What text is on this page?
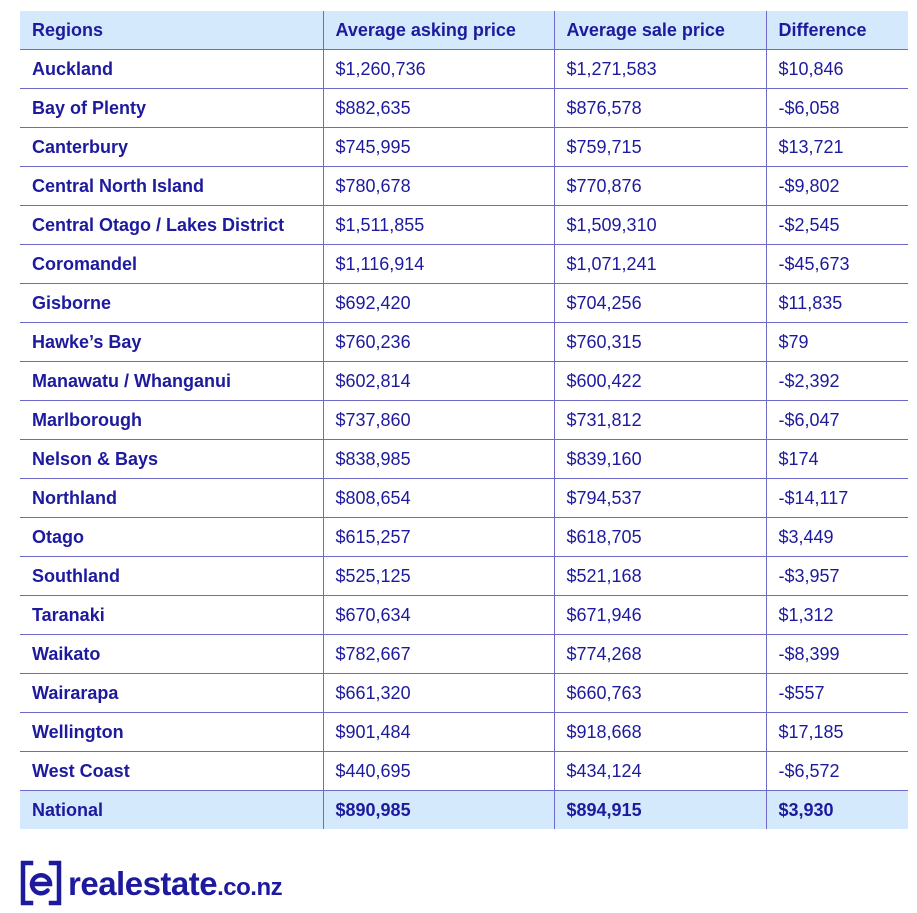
Regions	Average asking price	Average sale price	Difference
Auckland	$1,260,736	$1,271,583	$10,846
Bay of Plenty	$882,635	$876,578	-$6,058
Canterbury	$745,995	$759,715	$13,721
Central North Island	$780,678	$770,876	-$9,802
Central Otago / Lakes District	$1,511,855	$1,509,310	-$2,545
Coromandel	$1,116,914	$1,071,241	-$45,673
Gisborne	$692,420	$704,256	$11,835
Hawke’s Bay	$760,236	$760,315	$79
Manawatu / Whanganui	$602,814	$600,422	-$2,392
Marlborough	$737,860	$731,812	-$6,047
Nelson & Bays	$838,985	$839,160	$174
Northland	$808,654	$794,537	-$14,117
Otago	$615,257	$618,705	$3,449
Southland	$525,125	$521,168	-$3,957
Taranaki	$670,634	$671,946	$1,312
Waikato	$782,667	$774,268	-$8,399
Wairarapa	$661,320	$660,763	-$557
Wellington	$901,484	$918,668	$17,185
West Coast	$440,695	$434,124	-$6,572
National	$890,985	$894,915	$3,930
realestate.co.nz
